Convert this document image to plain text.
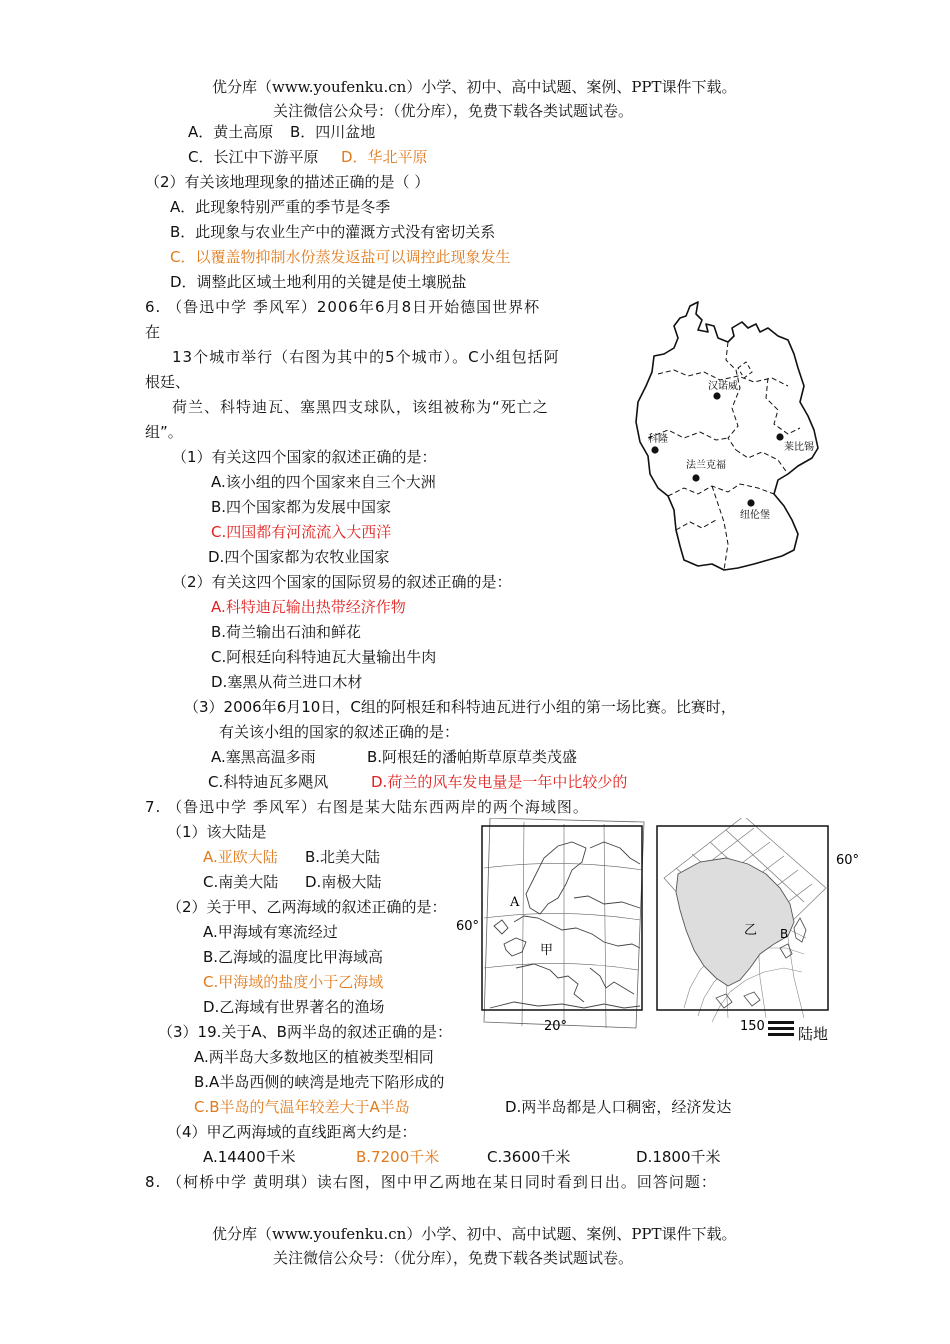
优分库（www.youfenku.cn）小学、初中、高中试题、案例、PPT课件下载。
关注微信公众号：（优分库），免费下载各类试题试卷。
A．黄土高原 B．四川盆地
C．长江中下游平原 D．华北平原
（2）有关该地理现象的描述正确的是（ ）
A．此现象特别严重的季节是冬季
B．此现象与农业生产中的灌溉方式没有密切关系
C．以覆盖物抑制水份蒸发返盐可以调控此现象发生
D．调整此区域土地利用的关键是使土壤脱盐
6. （鲁迅中学 季风军）2006年6月8日开始德国世界杯
在
13个城市举行（右图为其中的5个城市）。C小组包括阿
根廷、
荷兰、科特迪瓦、塞黑四支球队，该组被称为“死亡之
组”。
（1）有关这四个国家的叙述正确的是：
A.该小组的四个国家来自三个大洲
B.四个国家都为发展中国家
C.四国都有河流流入大西洋
D.四个国家都为农牧业国家
（2）有关这四个国家的国际贸易的叙述正确的是：
A.科特迪瓦输出热带经济作物
B.荷兰输出石油和鲜花
C.阿根廷向科特迪瓦大量输出牛肉
D.塞黑从荷兰进口木材
（3）2006年6月10日，C组的阿根廷和科特迪瓦进行小组的第一场比赛。比赛时，
有关该小组的国家的叙述正确的是：
A.塞黑高温多雨	B.阿根廷的潘帕斯草原草类茂盛
C.科特迪瓦多飓风	D.荷兰的风车发电量是一年中比较少的
汉诺威
科隆
莱比锡
法兰克福
纽伦堡
7. （鲁迅中学 季风军）右图是某大陆东西两岸的两个海域图。
（1）该大陆是
A.亚欧大陆 B.北美大陆
C.南美大陆 D.南极大陆
（2）关于甲、乙两海域的叙述正确的是：
A.甲海域有寒流经过
B.乙海域的温度比甲海域高
C.甲海域的盐度小于乙海域
D.乙海域有世界著名的渔场
（3）19.关于A、B两半岛的叙述正确的是：
A.两半岛大多数地区的植被类型相同
B.A半岛西侧的峡湾是地壳下陷形成的
C.B半岛的气温年较差大于A半岛	D.两半岛都是人口稠密，经济发达
（4）甲乙两海域的直线距离大约是：
A.14400千米	B.7200千米	C.3600千米	D.1800千米
A
甲
60°
20°
60°
乙 B
150 陆地
8. （柯桥中学 黄明琪）读右图，图中甲乙两地在某日同时看到日出。回答问题：
优分库（www.youfenku.cn）小学、初中、高中试题、案例、PPT课件下载。
关注微信公众号：（优分库），免费下载各类试题试卷。
